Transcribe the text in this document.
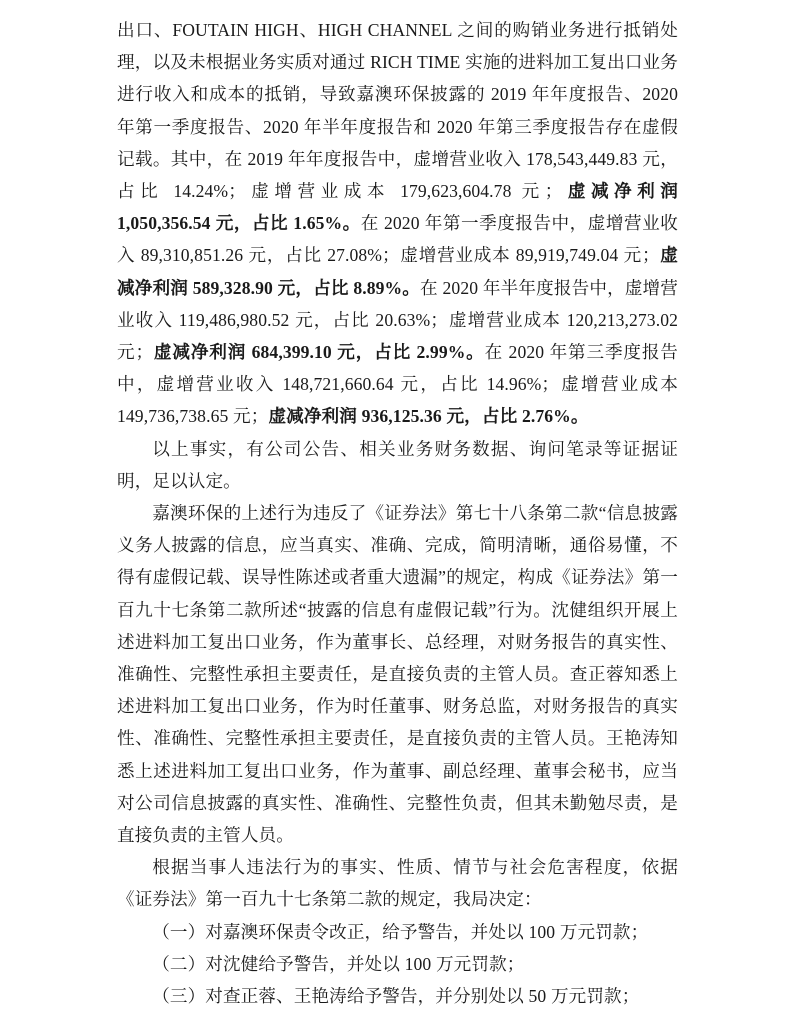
出口、FOUTAIN HIGH、HIGH CHANNEL 之间的购销业务进行抵销处理，以及未根据业务实质对通过 RICH TIME 实施的进料加工复出口业务进行收入和成本的抵销，导致嘉澳环保披露的 2019 年年度报告、2020 年第一季度报告、2020 年半年度报告和 2020 年第三季度报告存在虚假记载。其中，在 2019 年年度报告中，虚增营业收入 178,543,449.83 元，占比 14.24%；虚增营业成本 179,623,604.78 元；虚减净利润 1,050,356.54 元，占比 1.65%。在 2020 年第一季度报告中，虚增营业收入 89,310,851.26 元，占比 27.08%；虚增营业成本 89,919,749.04 元；虚减净利润 589,328.90 元，占比 8.89%。在 2020 年半年度报告中，虚增营业收入 119,486,980.52 元，占比 20.63%；虚增营业成本 120,213,273.02 元；虚减净利润 684,399.10 元，占比 2.99%。在 2020 年第三季度报告中，虚增营业收入 148,721,660.64 元，占比 14.96%；虚增营业成本 149,736,738.65 元；虚减净利润 936,125.36 元，占比 2.76%。

以上事实，有公司公告、相关业务财务数据、询问笔录等证据证明，足以认定。

嘉澳环保的上述行为违反了《证券法》第七十八条第二款“信息披露义务人披露的信息，应当真实、准确、完成，简明清晰，通俗易懂，不得有虚假记载、误导性陈述或者重大遗漏”的规定，构成《证券法》第一百九十七条第二款所述“披露的信息有虚假记载”行为。沈健组织开展上述进料加工复出口业务，作为董事长、总经理，对财务报告的真实性、准确性、完整性承担主要责任，是直接负责的主管人员。查正蓉知悉上述进料加工复出口业务，作为时任董事、财务总监，对财务报告的真实性、准确性、完整性承担主要责任，是直接负责的主管人员。王艳涛知悉上述进料加工复出口业务，作为董事、副总经理、董事会秘书，应当对公司信息披露的真实性、准确性、完整性负责，但其未勤勉尽责，是直接负责的主管人员。

根据当事人违法行为的事实、性质、情节与社会危害程度，依据《证券法》第一百九十七条第二款的规定，我局决定：

（一）对嘉澳环保责令改正，给予警告，并处以 100 万元罚款；

（二）对沈健给予警告，并处以 100 万元罚款；

（三）对查正蓉、王艳涛给予警告，并分别处以 50 万元罚款；
